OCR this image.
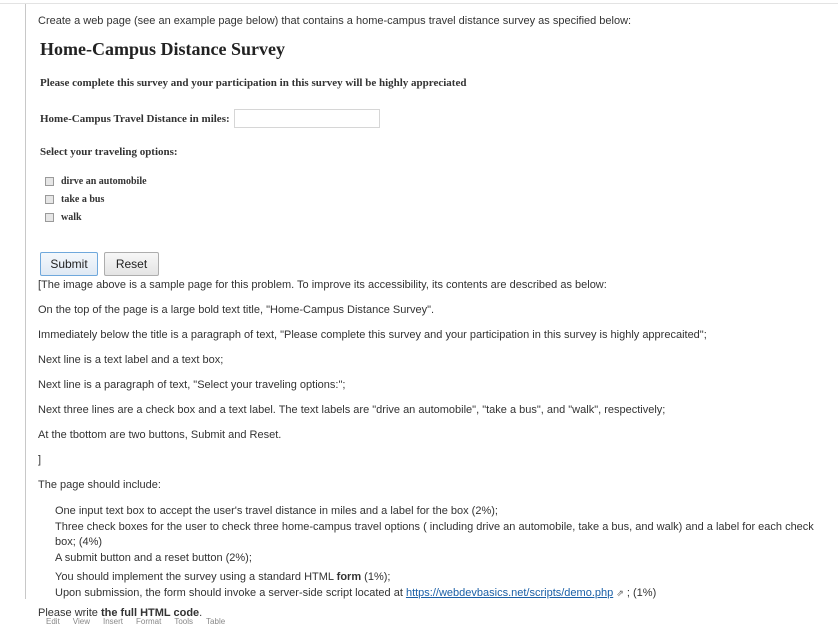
Create a web page (see an example page below) that contains a home-campus travel distance survey as specified below:

Home-Campus Distance Survey
Please complete this survey and your participation in this survey will be highly appreciated
Home-Campus Travel Distance in miles:
Select your traveling options:
dirve an automobile
take a bus
walk
Submit	Reset

[The image above is a sample page for this problem. To improve its accessibility, its contents are described as below:

On the top of the page is a large bold text title, "Home-Campus Distance Survey".

Immediately below the title is a paragraph of text, "Please complete this survey and your participation in this survey is highly apprecaited";

Next line is a text label and a text box;

Next line is a paragraph of text, "Select your traveling options:";

Next three lines are a check box and a text label. The text labels are "drive an automobile", "take a bus", and "walk", respectively;

At the tbottom are two buttons, Submit and Reset.

]

The page should include:

One input text box to accept the user's travel distance in miles and a label for the box (2%);

Three check boxes for the user to check three home-campus travel options ( including drive an automobile, take a bus, and walk) and a label for each check box; (4%)

A submit button and a reset button (2%);

You should implement the survey using a standard HTML form (1%);

Upon submission, the form should invoke a server-side script located at https://webdevbasics.net/scripts/demo.php ⇗ ; (1%)

Please write the full HTML code.

Edit View Insert Format Tools Table
